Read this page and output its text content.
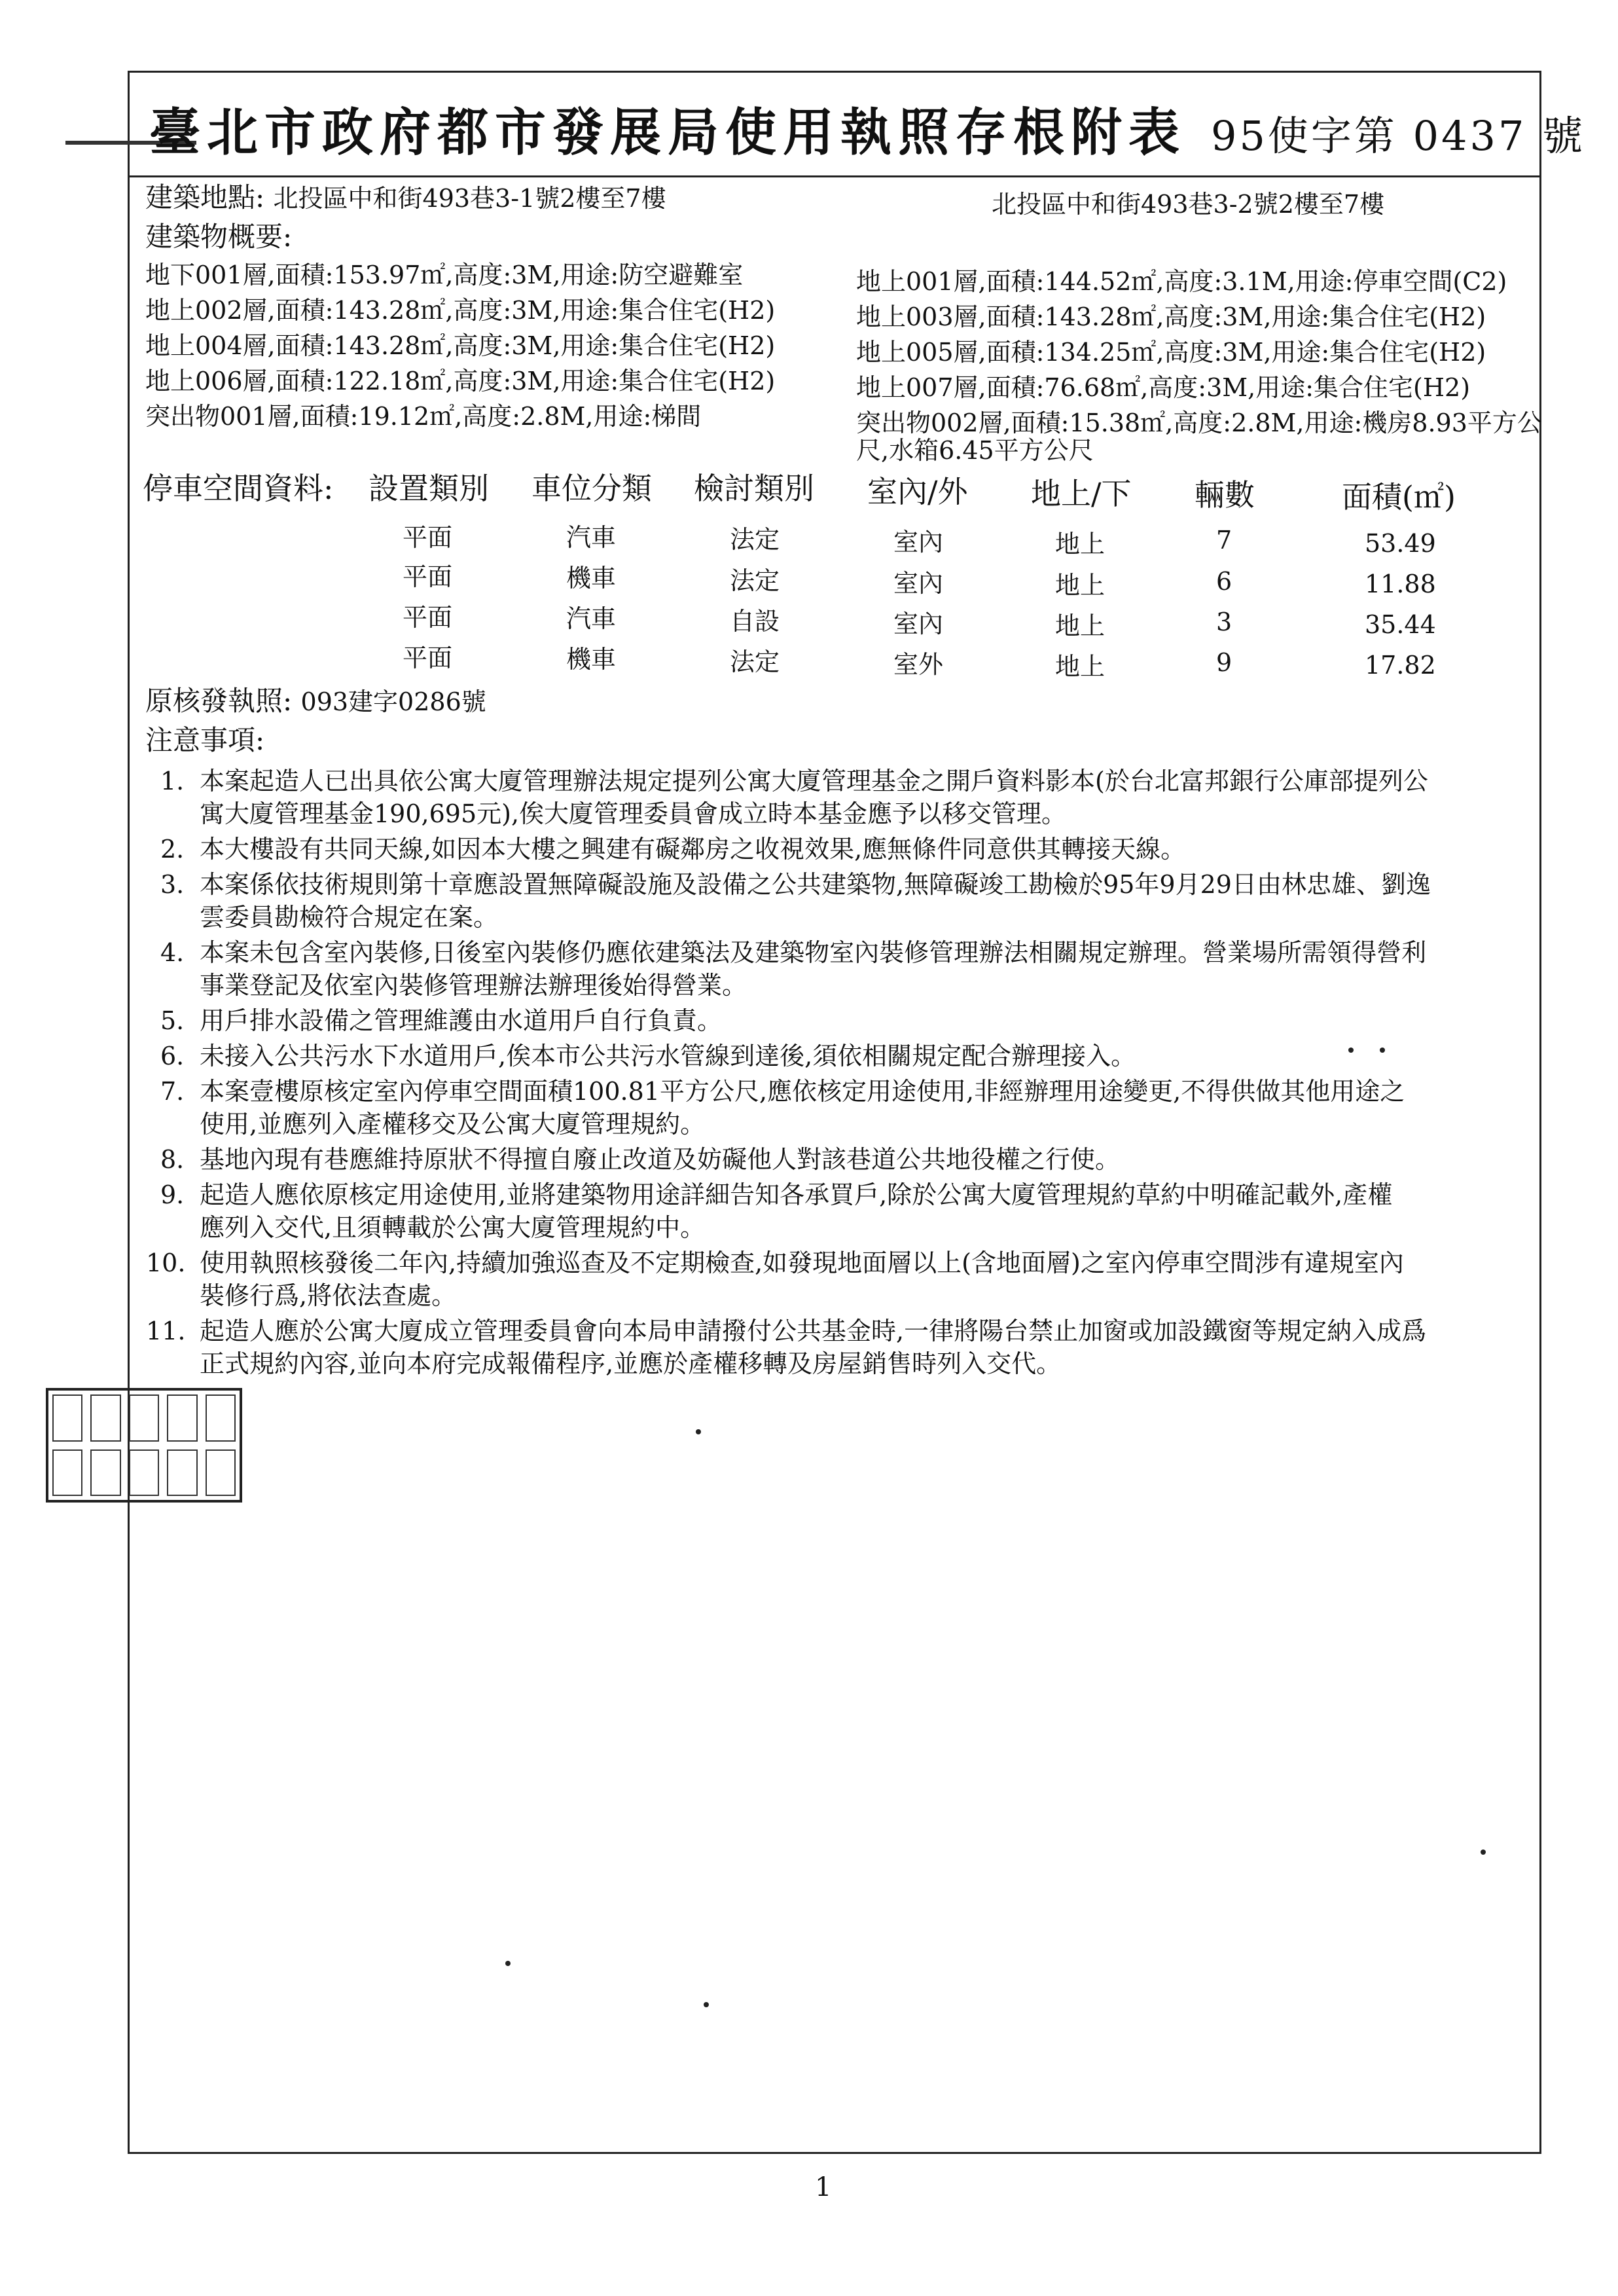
臺北市政府都市發展局使用執照存根附表 95使字第 0437 號
建築地點: 北投區中和街493巷3-1號2樓至7樓	北投區中和街493巷3-2號2樓至7樓
建築物概要:
地下001層,面積:153.97㎡,高度:3M,用途:防空避難室
地上002層,面積:143.28㎡,高度:3M,用途:集合住宅(H2)
地上004層,面積:143.28㎡,高度:3M,用途:集合住宅(H2)
地上006層,面積:122.18㎡,高度:3M,用途:集合住宅(H2)
突出物001層,面積:19.12㎡,高度:2.8M,用途:梯間
地上001層,面積:144.52㎡,高度:3.1M,用途:停車空間(C2)
地上003層,面積:143.28㎡,高度:3M,用途:集合住宅(H2)
地上005層,面積:134.25㎡,高度:3M,用途:集合住宅(H2)
地上007層,面積:76.68㎡,高度:3M,用途:集合住宅(H2)
突出物002層,面積:15.38㎡,高度:2.8M,用途:機房8.93平方公
尺,水箱6.45平方公尺
停車空間資料: 設置類別 車位分類 檢討類別 室內/外 地上/下 輛數	面積(㎡)
平面	汽車	法定	室內	地上	7	53.49
平面	機車	法定	室內	地上	6	11.88
平面	汽車	自設	室內	地上	3	35.44
平面	機車	法定	室外	地上	9	17.82
原核發執照: 093建字0286號
注意事項:
1. 本案起造人已出具依公寓大廈管理辦法規定提列公寓大廈管理基金之開戶資料影本(於台北富邦銀行公庫部提列公
寓大廈管理基金190,695元),俟大廈管理委員會成立時本基金應予以移交管理。
2. 本大樓設有共同天線,如因本大樓之興建有礙鄰房之收視效果,應無條件同意供其轉接天線。
3. 本案係依技術規則第十章應設置無障礙設施及設備之公共建築物,無障礙竣工勘檢於95年9月29日由林忠雄、劉逸
雲委員勘檢符合規定在案。
4. 本案未包含室內裝修,日後室內裝修仍應依建築法及建築物室內裝修管理辦法相關規定辦理。營業場所需領得營利
事業登記及依室內裝修管理辦法辦理後始得營業。
5. 用戶排水設備之管理維護由水道用戶自行負責。
6. 未接入公共污水下水道用戶,俟本市公共污水管線到達後,須依相關規定配合辦理接入。
7. 本案壹樓原核定室內停車空間面積100.81平方公尺,應依核定用途使用,非經辦理用途變更,不得供做其他用途之
使用,並應列入產權移交及公寓大廈管理規約。
8. 基地內現有巷應維持原狀不得擅自廢止改道及妨礙他人對該巷道公共地役權之行使。
9. 起造人應依原核定用途使用,並將建築物用途詳細告知各承買戶,除於公寓大廈管理規約草約中明確記載外,產權
應列入交代,且須轉載於公寓大廈管理規約中。
10. 使用執照核發後二年內,持續加強巡查及不定期檢查,如發現地面層以上(含地面層)之室內停車空間涉有違規室內
裝修行爲,將依法查處。
11. 起造人應於公寓大廈成立管理委員會向本局申請撥付公共基金時,一律將陽台禁止加窗或加設鐵窗等規定納入成爲
正式規約內容,並向本府完成報備程序,並應於產權移轉及房屋銷售時列入交代。
1
